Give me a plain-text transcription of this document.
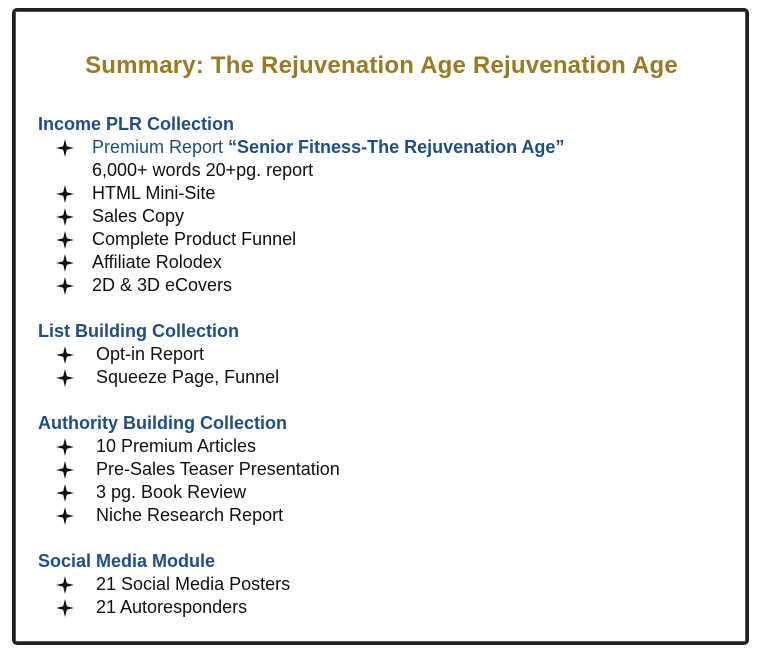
Summary: The Rejuvenation Age Rejuvenation Age
Income PLR Collection
Premium Report “Senior Fitness-The Rejuvenation Age”
6,000+ words 20+pg. report
HTML Mini-Site
Sales Copy
Complete Product Funnel
Affiliate Rolodex
2D & 3D eCovers
List Building Collection
Opt-in Report
Squeeze Page, Funnel
Authority Building Collection
10 Premium Articles
Pre-Sales Teaser Presentation
3 pg. Book Review
Niche Research Report
Social Media Module
21 Social Media Posters
21 Autoresponders
